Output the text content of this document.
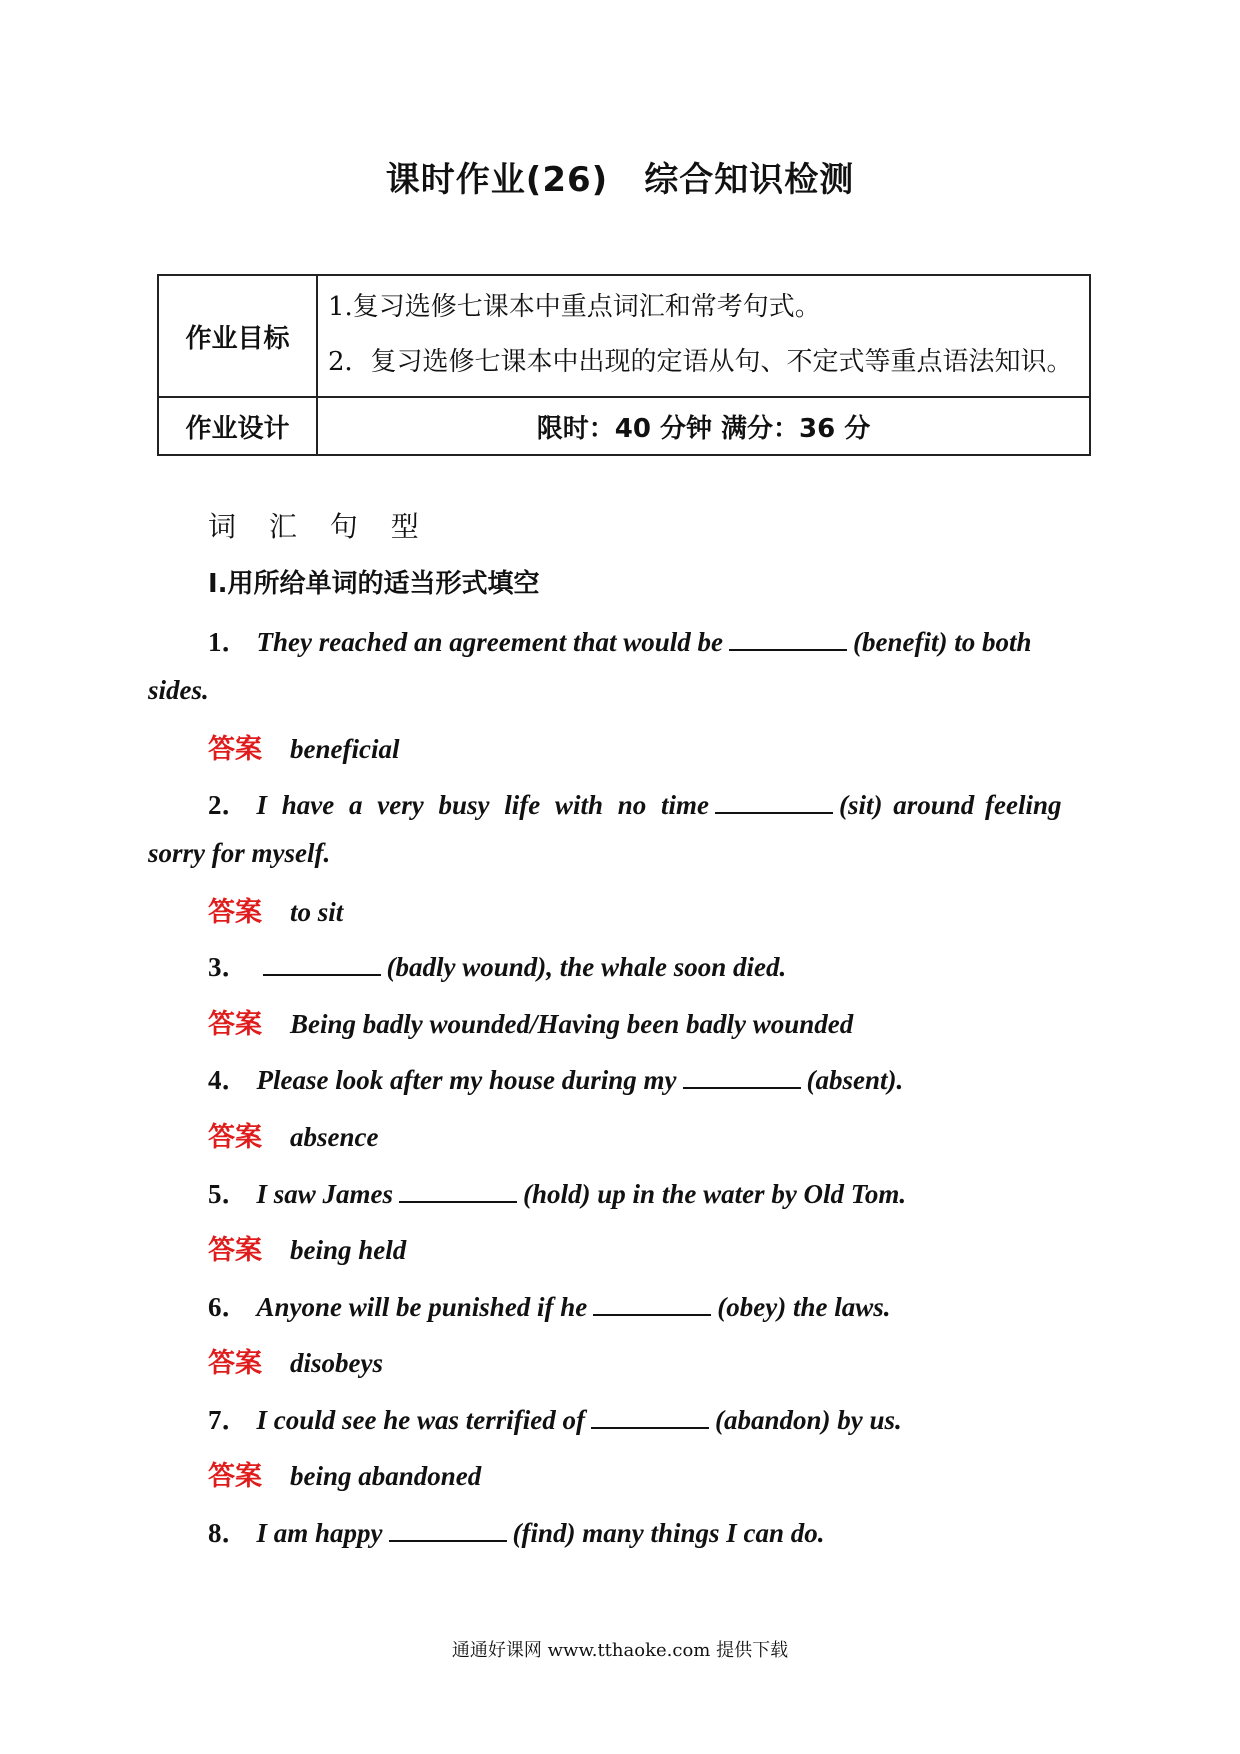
课时作业(26) 综合知识检测
作业目标	1.复习选修七课本中重点词汇和常考句式。
2．复习选修七课本中出现的定语从句、不定式等重点语法知识。

作业设计	限时：40 分钟 满分：36 分
词 汇 句 型
Ⅰ.用所给单词的适当形式填空
1． They reached an agreement that would be	(benefit) to both
sides.
答案 beneficial
2． I have a very busy life with no time	(sit) around feeling
sorry for myself.
答案 to sit
3．	(badly wound), the whale soon died.
答案 Being badly wounded/Having been badly wounded
4． Please look after my house during my	(absent).
答案 absence
5． I saw James	(hold) up in the water by Old Tom.
答案 being held
6． Anyone will be punished if he	(obey) the laws.
答案 disobeys
7． I could see he was terrified of	(abandon) by us.
答案 being abandoned
8． I am happy	(find) many things I can do.
通通好课网 www.tthaoke.com 提供下载
